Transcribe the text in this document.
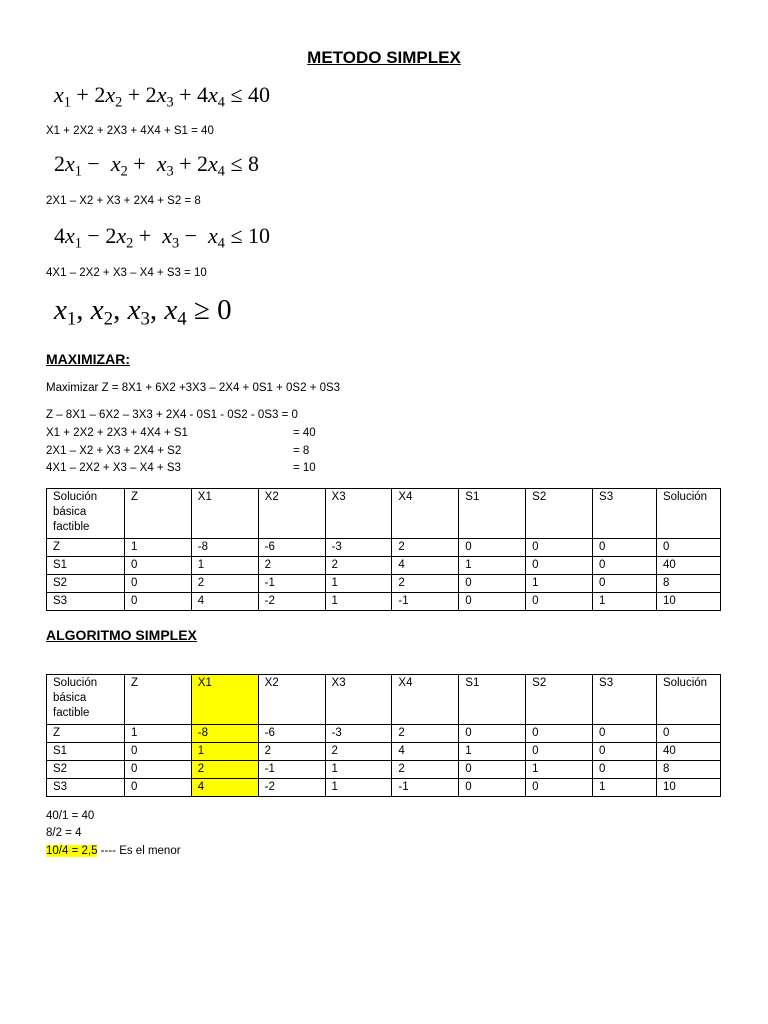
METODO SIMPLEX
$x_1 + 2x_2 + 2x_3 + 4x_4 \le 40$
X1 + 2X2 + 2X3 + 4X4 + S1 = 40
$2x_1 - x_2 + x_3 + 2x_4 \le 8$
2X1 – X2 + X3 + 2X4 + S2 = 8
$4x_1 - 2x_2 + x_3 - x_4 \le 10$
4X1 – 2X2 + X3 – X4 + S3 = 10
$x_1$, $x_2$, $x_3$, $x_4 \ge 0$
MAXIMIZAR:
Maximizar Z = 8X1 + 6X2 +3X3 – 2X4 + 0S1 + 0S2 + 0S3
Z – 8X1 – 6X2 – 3X3 + 2X4 - 0S1 - 0S2 - 0S3 = 0
X1 + 2X2 + 2X3 + 4X4 + S1	= 40
2X1 – X2 + X3 + 2X4 + S2	= 8
4X1 – 2X2 + X3 – X4 + S3	= 10
Solución básica factible	Z	X1	X2	X3	X4	S1	S2	S3	Solución
Z	1	-8	-6	-3	2	0	0	0	0
S1	0	1	2	2	4	1	0	0	40
S2	0	2	-1	1	2	0	1	0	8
S3	0	4	-2	1	-1	0	0	1	10
ALGORITMO SIMPLEX
Solución básica factible	Z	X1	X2	X3	X4	S1	S2	S3	Solución
Z	1	-8	-6	-3	2	0	0	0	0
S1	0	1	2	2	4	1	0	0	40
S2	0	2	-1	1	2	0	1	0	8
S3	0	4	-2	1	-1	0	0	1	10
40/1 = 40
8/2 = 4
10/4 = 2,5 ---- Es el menor
